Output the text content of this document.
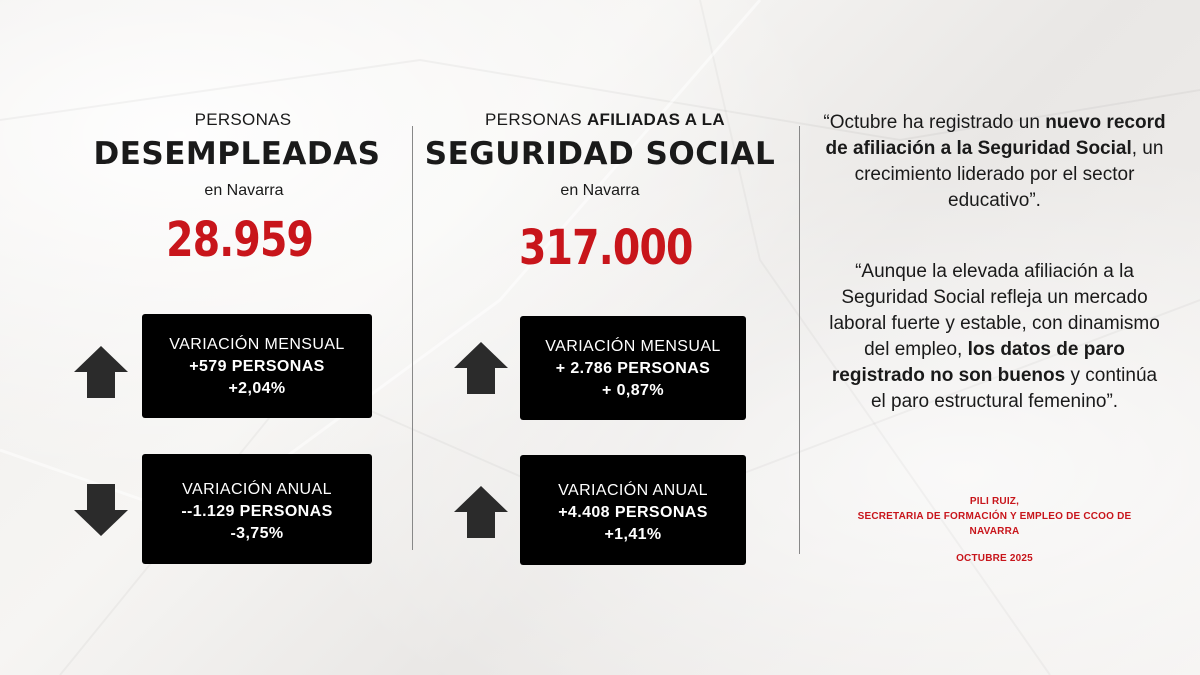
PERSONAS
DESEMPLEADAS
en Navarra
28.959
VARIACIÓN MENSUAL
+579 PERSONAS
+2,04%
VARIACIÓN ANUAL
--1.129 PERSONAS
-3,75%
PERSONAS AFILIADAS A LA
SEGURIDAD SOCIAL
en Navarra
317.000
VARIACIÓN MENSUAL
+ 2.786 PERSONAS
+ 0,87%
VARIACIÓN ANUAL
+4.408 PERSONAS
+1,41%
“Octubre ha registrado un nuevo record de afiliación a la Seguridad Social, un crecimiento liderado por el sector educativo”.
“Aunque la elevada afiliación a la Seguridad Social refleja un mercado laboral fuerte y estable, con dinamismo del empleo, los datos de paro registrado no son buenos y continúa el paro estructural femenino”.
PILI RUIZ,
SECRETARIA DE FORMACIÓN Y EMPLEO DE CCOO DE NAVARRA
OCTUBRE 2025
